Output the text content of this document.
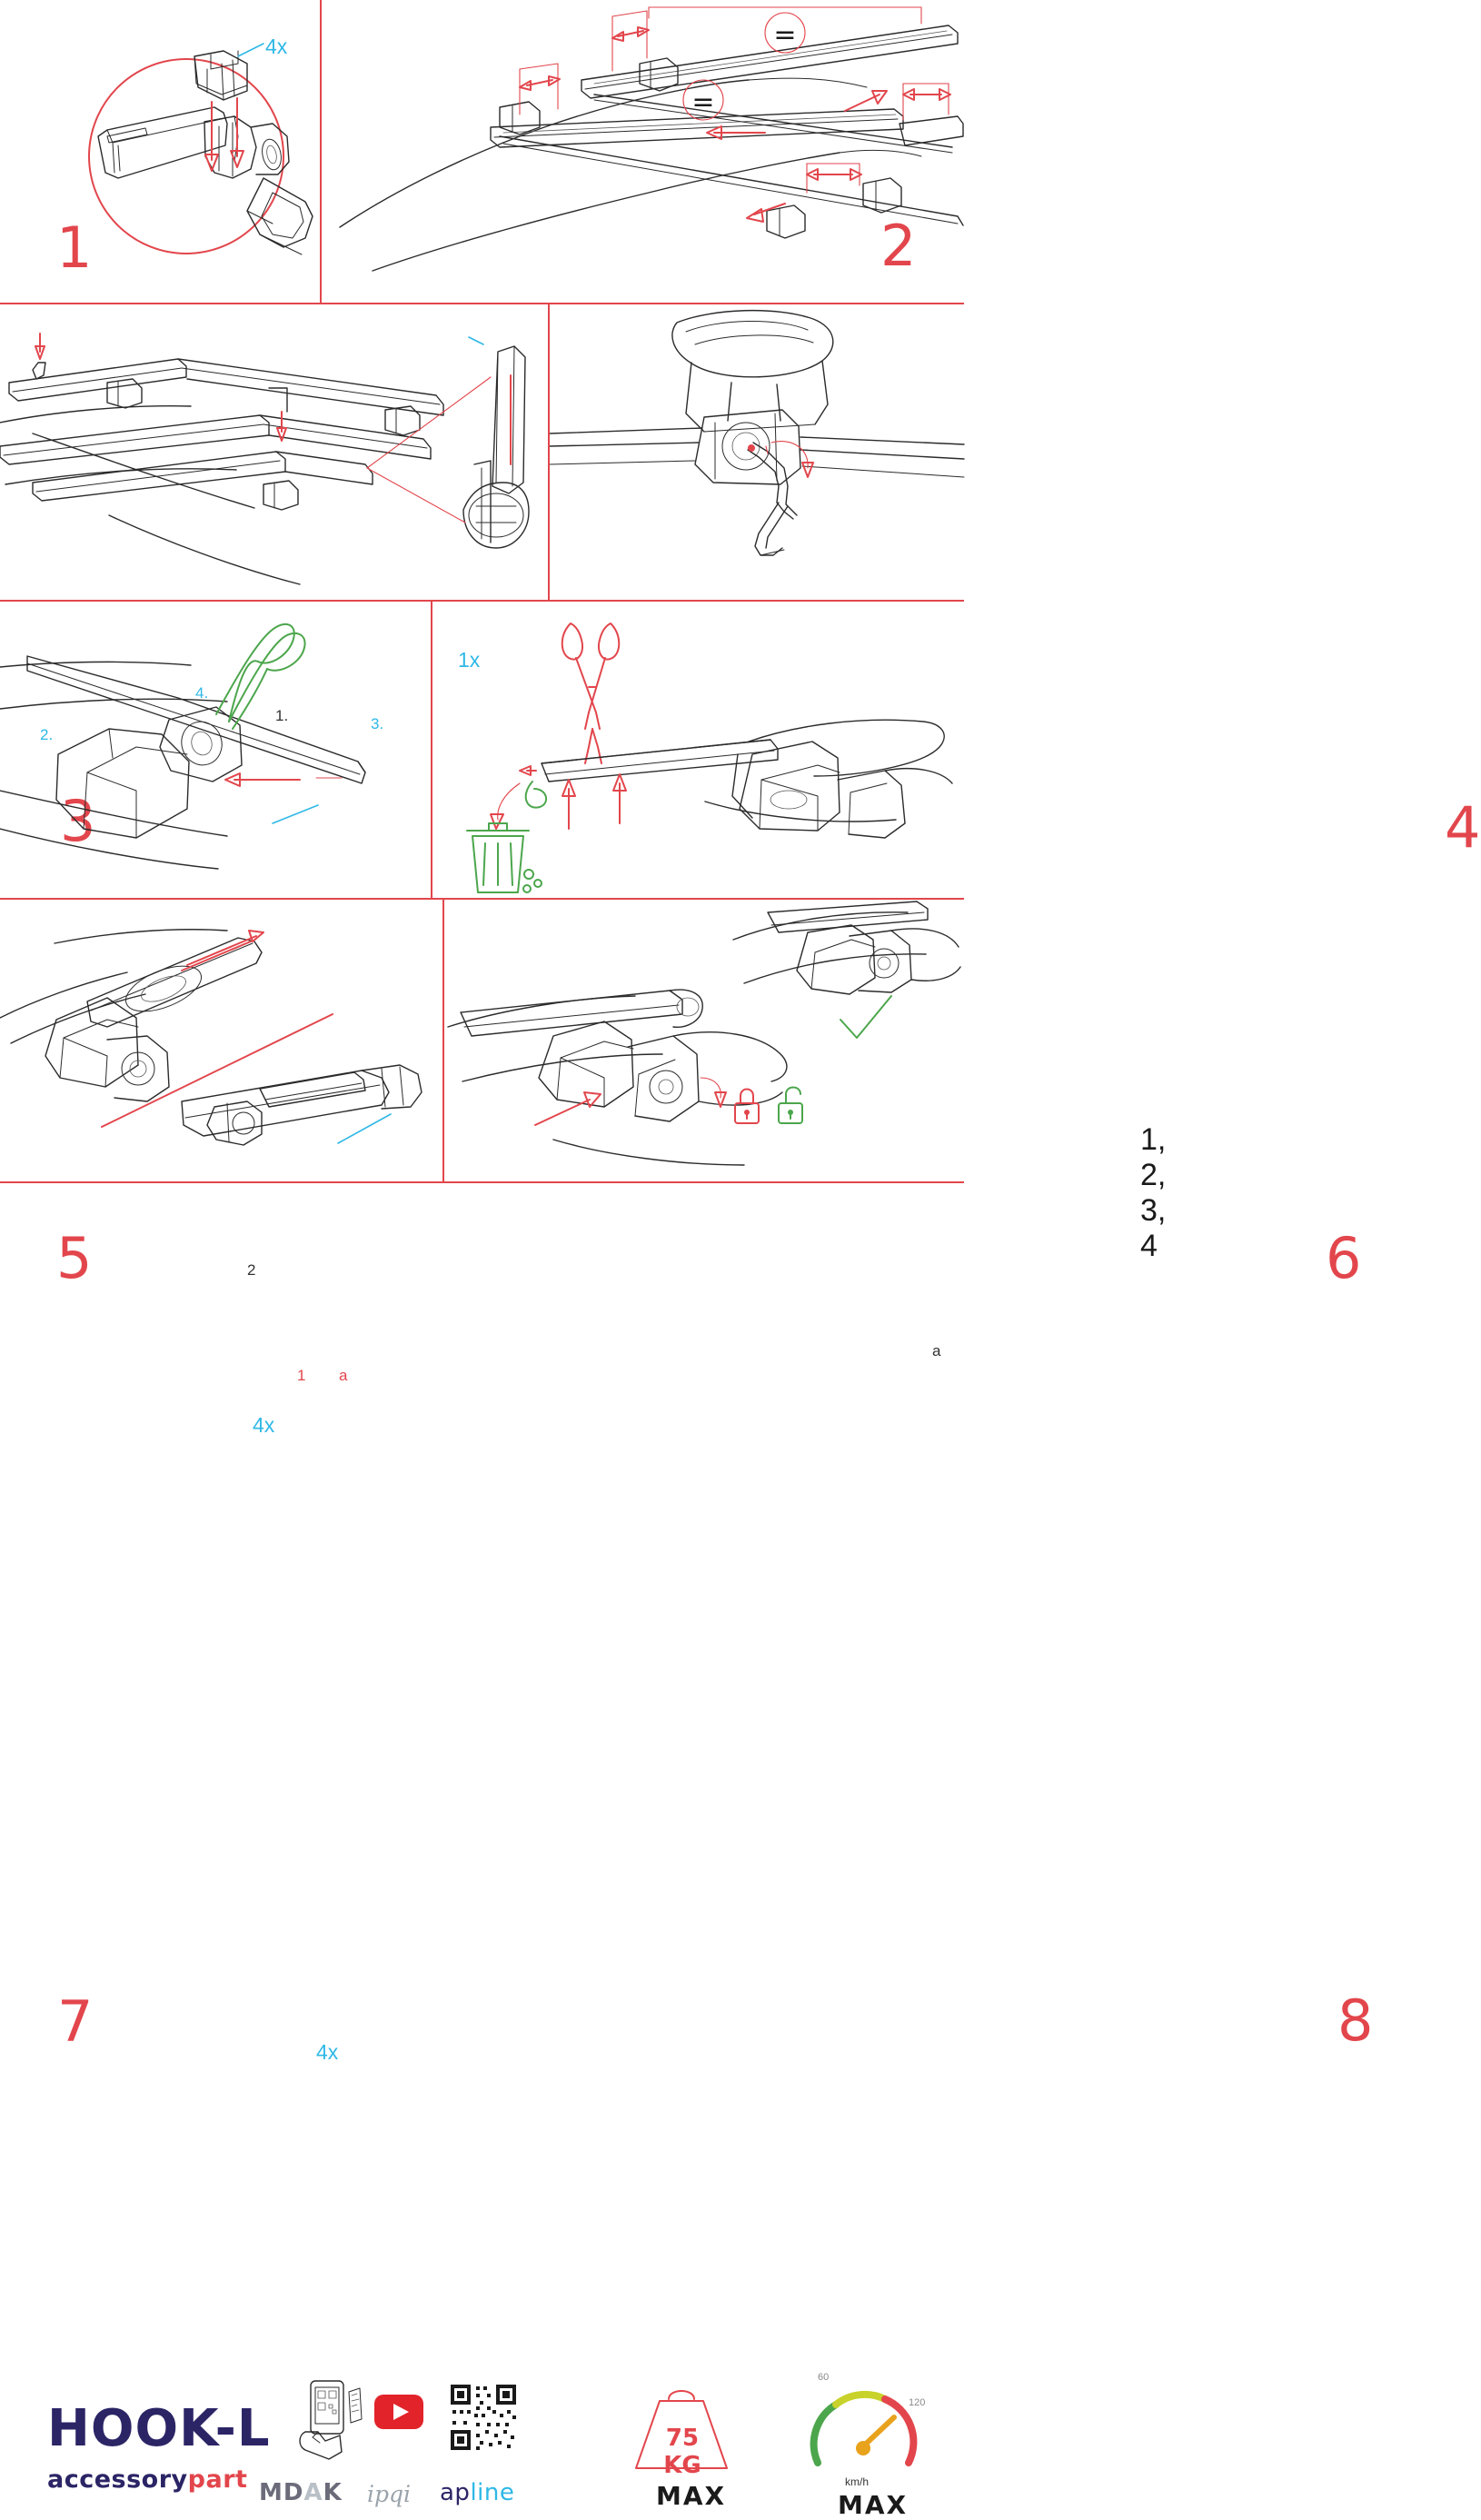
4x
1
=
=
2
1x
1.
2.
3.
4.
3
1, 2, 3, 4
4
5	2
1 a
4x
a
6
4x
7	8
HOOK-L
accessorypart MDAK ipqi apline
75 KG
MAX
60
120
km/h
MAX
